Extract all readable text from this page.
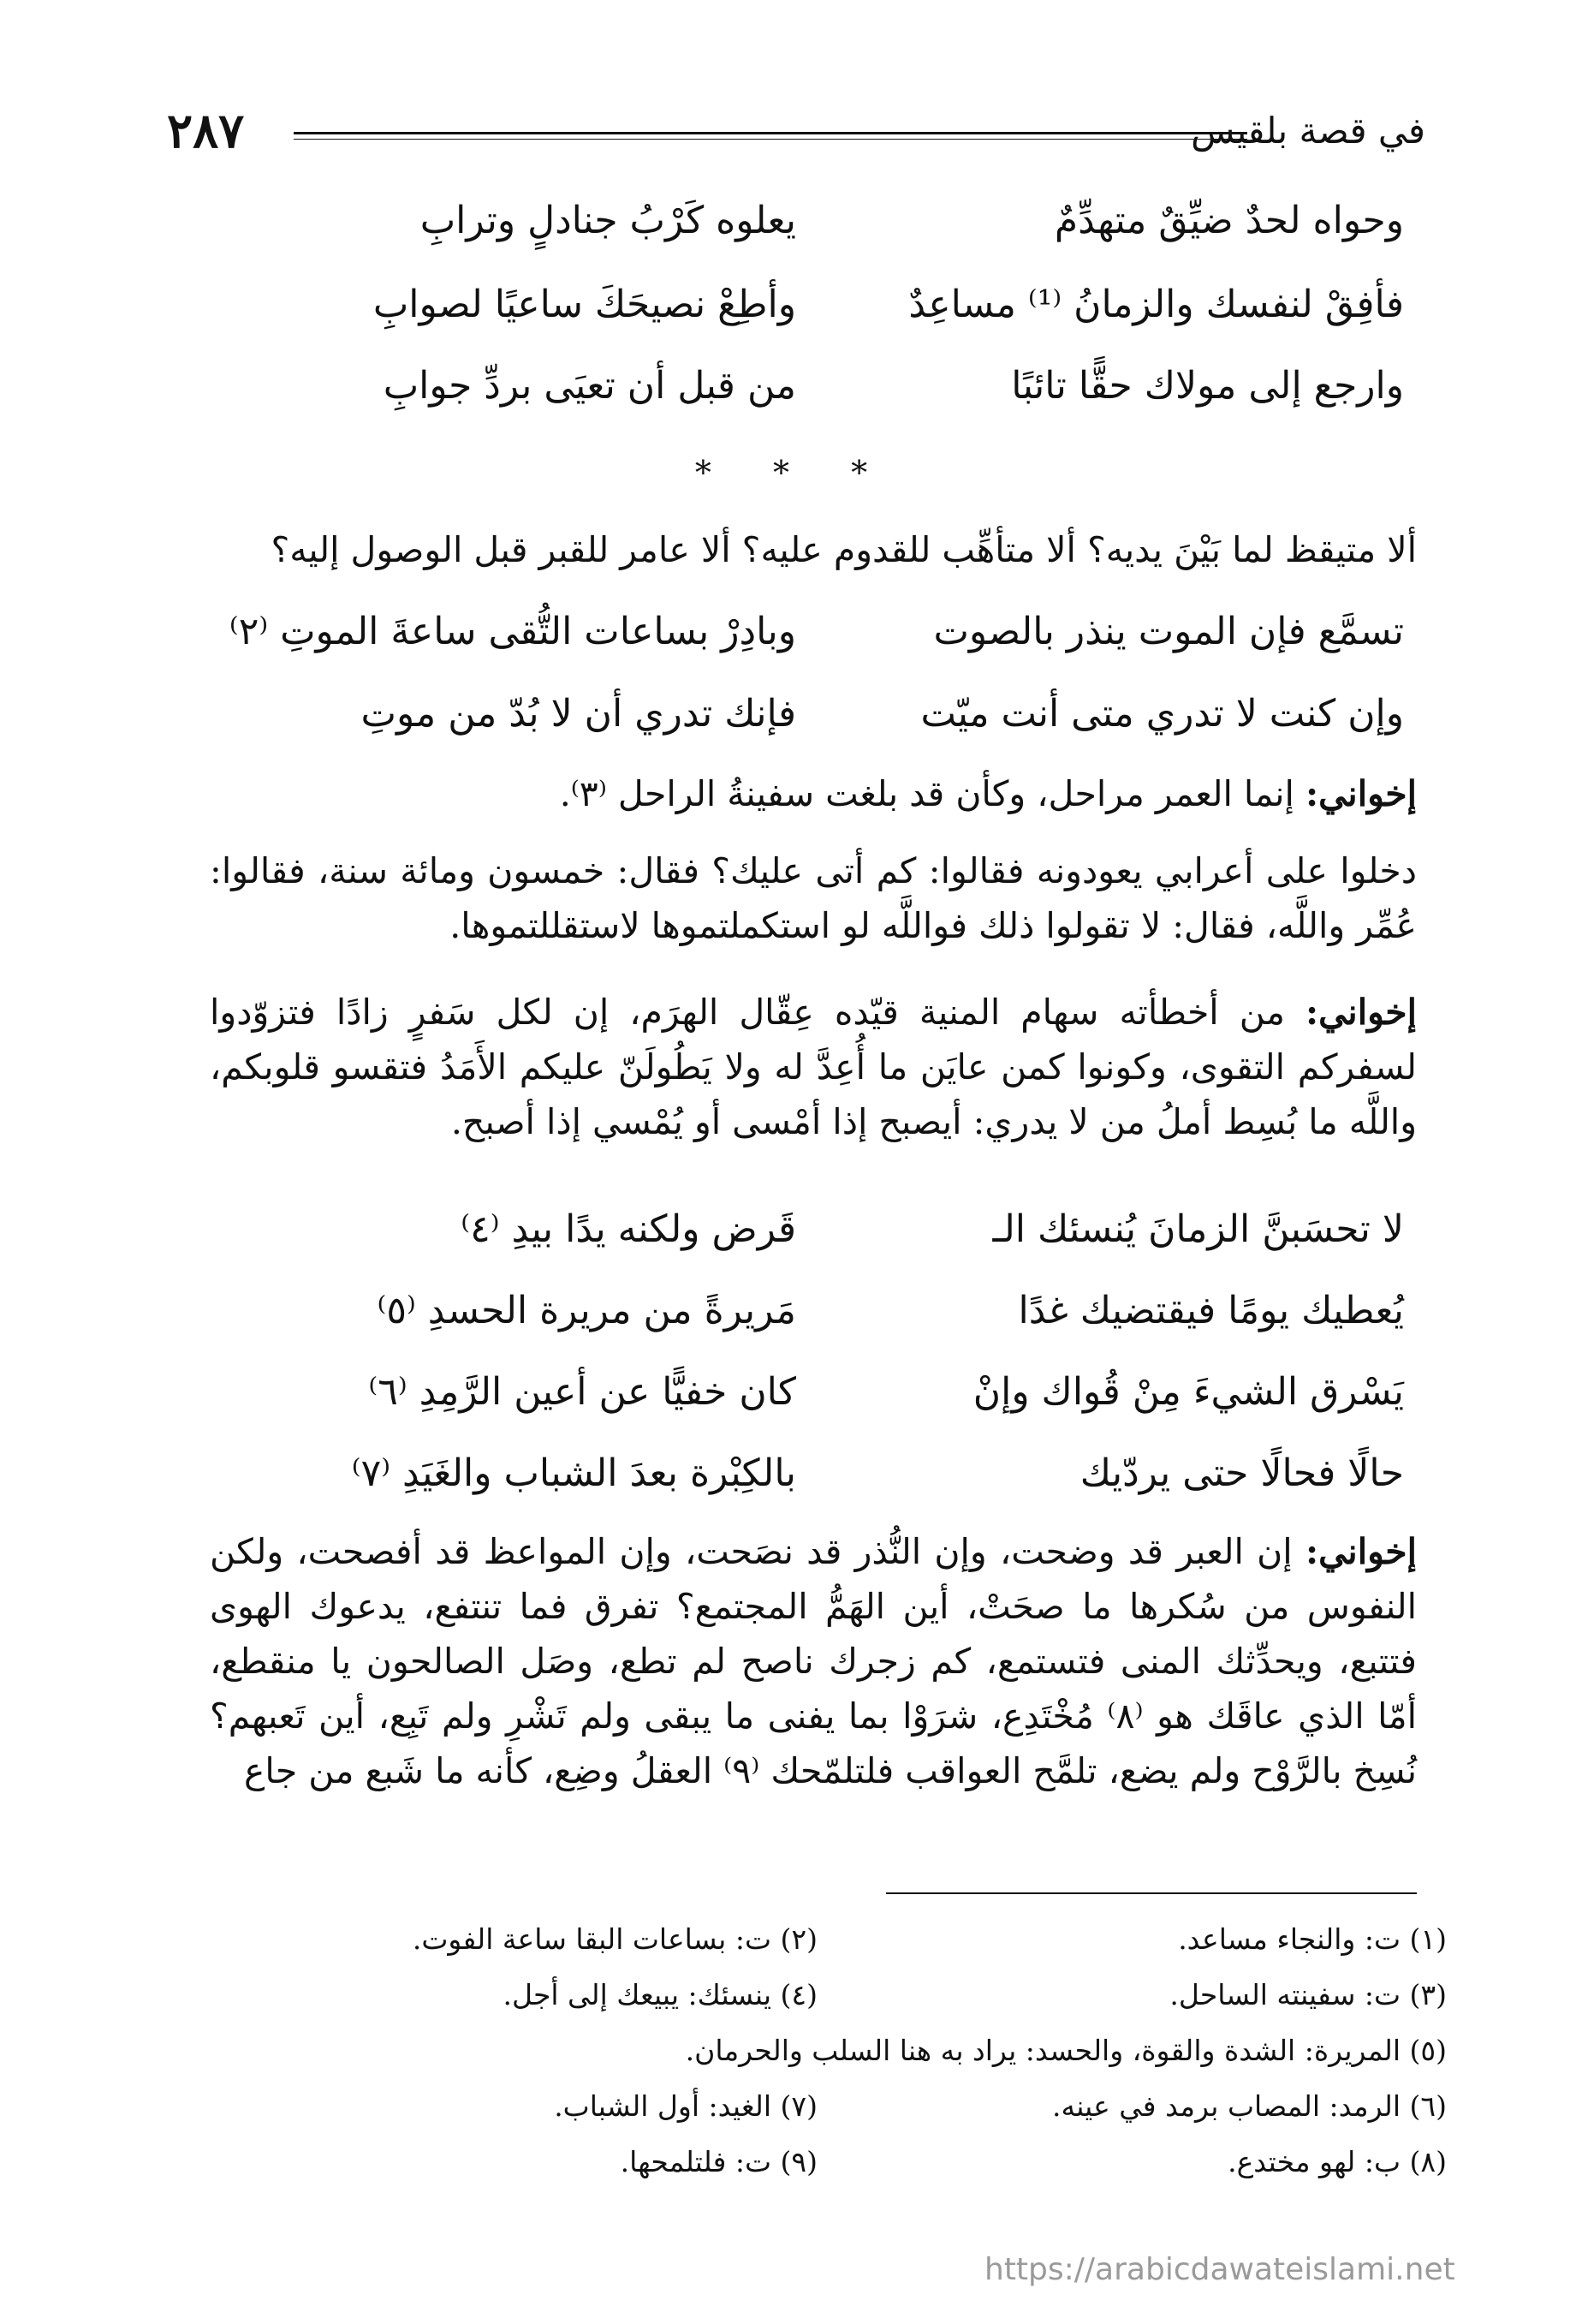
في قصة بلقيس
٢٨٧
وحواه لحدٌ ضيِّقٌ متهدِّمٌ
يعلوه كَرْبُ جنادلٍ وترابِ
فأفِقْ لنفسك والزمانُ ⁽¹⁾ مساعِدٌ
وأطِعْ نصيحَكَ ساعيًا لصوابِ
وارجع إلى مولاك حقًّا تائبًا
من قبل أن تعيَى بردِّ جوابِ
* * *
ألا متيقظ لما بَيْنَ يديه؟ ألا متأهِّب للقدوم عليه؟ ألا عامر للقبر قبل الوصول إليه؟
تسمَّع فإن الموت ينذر بالصوت
وبادِرْ بساعات التُّقى ساعةَ الموتِ ⁽٢⁾
وإن كنت لا تدري متى أنت ميّت
فإنك تدري أن لا بُدّ من موتِ
إخواني: إنما العمر مراحل، وكأن قد بلغت سفينةُ الراحل ⁽٣⁾.
دخلوا على أعرابي يعودونه فقالوا: كم أتى عليك؟ فقال: خمسون ومائة سنة، فقالوا: عُمِّر واللَّه، فقال: لا تقولوا ذلك فواللَّه لو استكملتموها لاستقللتموها.
إخواني: من أخطأته سهام المنية قيّده عِقّال الهرَم، إن لكل سَفرٍ زادًا فتزوّدوا لسفركم التقوى، وكونوا كمن عايَن ما أُعِدَّ له ولا يَطُولَنّ عليكم الأَمَدُ فتقسو قلوبكم، واللَّه ما بُسِط أملُ من لا يدري: أيصبح إذا أمْسى أو يُمْسي إذا أصبح.
لا تحسَبنَّ الزمانَ يُنسئك الـ
قَرض ولكنه يدًا بيدِ ⁽٤⁾
يُعطيك يومًا فيقتضيك غدًا
مَريرةً من مريرة الحسدِ ⁽٥⁾
يَسْرق الشيءَ مِنْ قُواك وإنْ
كان خفيًّا عن أعين الرَّمِدِ ⁽٦⁾
حالًا فحالًا حتى يردّيك
بالكِبْرة بعدَ الشباب والغَيَدِ ⁽٧⁾
إخواني: إن العبر قد وضحت، وإن النُّذر قد نصَحت، وإن المواعظ قد أفصحت، ولكن النفوس من سُكرها ما صحَتْ، أين الهَمُّ المجتمع؟ تفرق فما تنتفع، يدعوك الهوى فتتبع، ويحدِّثك المنى فتستمع، كم زجرك ناصح لم تطع، وصَل الصالحون يا منقطع، أمّا الذي عاقَك هو ⁽٨⁾ مُخْتَدِع، شرَوْا بما يفنى ما يبقى ولم تَشْرِ ولم تَبِع، أين تَعبهم؟ نُسِخ بالرَّوْح ولم يضع، تلمَّح العواقب فلتلمّحك ⁽٩⁾ العقلُ وضِع، كأنه ما شَبع من جاع
(١) ت: والنجاء مساعد.
(٢) ت: بساعات البقا ساعة الفوت.
(٣) ت: سفينته الساحل.
(٤) ينسئك: يبيعك إلى أجل.
(٥) المريرة: الشدة والقوة، والحسد: يراد به هنا السلب والحرمان.
(٦) الرمد: المصاب برمد في عينه.
(٧) الغيد: أول الشباب.
(٨) ب: لهو مختدع.
(٩) ت: فلتلمحها.
https://arabicdawateislami.net
